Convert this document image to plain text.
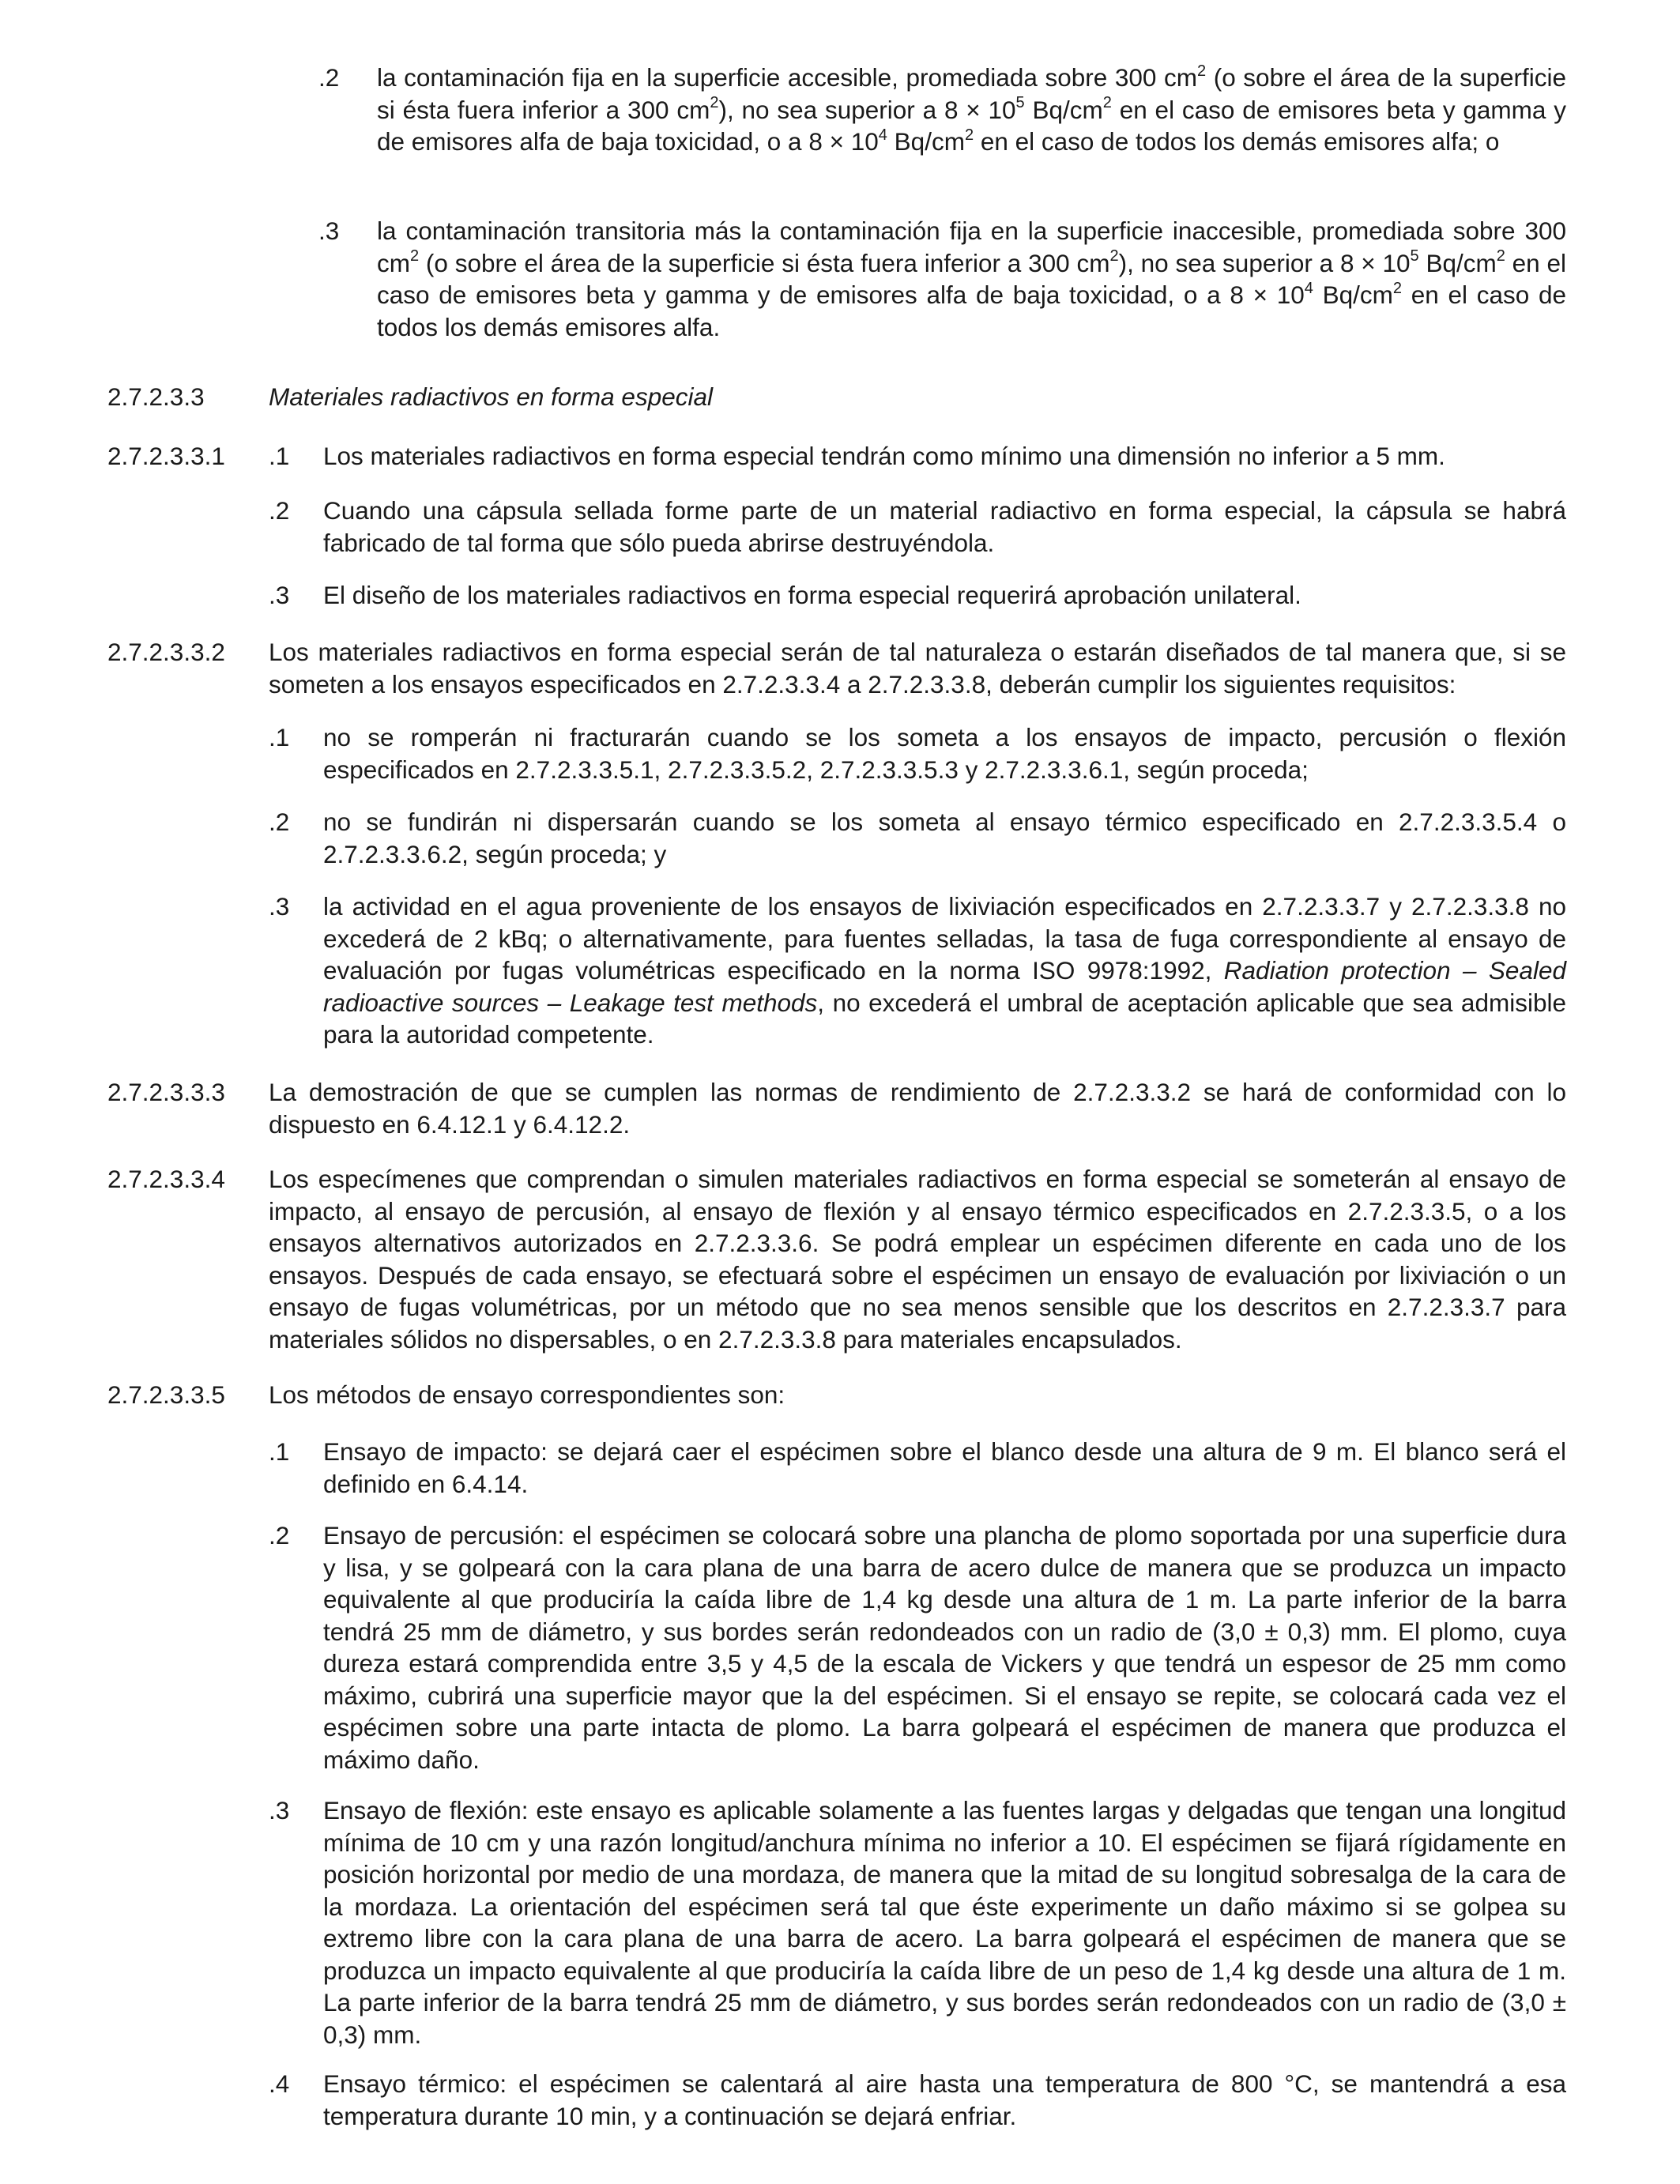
.2 la contaminación fija en la superficie accesible, promediada sobre 300 $cm^2$ (o sobre el área de la superficie si ésta fuera inferior a 300 $cm^2$), no sea superior a $8 \times 10^5$ $Bq/cm^2$ en el caso de emisores beta y gamma y de emisores alfa de baja toxicidad, o a $8 \times 10^4$ $Bq/cm^2$ en el caso de todos los demás emisores alfa; o
.3 la contaminación transitoria más la contaminación fija en la superficie inaccesible, promediada sobre 300 $cm^2$ (o sobre el área de la superficie si ésta fuera inferior a 300 $cm^2$), no sea superior a $8 \times 10^5$ $Bq/cm^2$ en el caso de emisores beta y gamma y de emisores alfa de baja toxicidad, o a $8 \times 10^4$ $Bq/cm^2$ en el caso de todos los demás emisores alfa.
2.7.2.3.3	Materiales radiactivos en forma especial
2.7.2.3.3.1 .1 Los materiales radiactivos en forma especial tendrán como mínimo una dimensión no inferior a 5 mm.
.2 Cuando una cápsula sellada forme parte de un material radiactivo en forma especial, la cápsula se habrá fabricado de tal forma que sólo pueda abrirse destruyéndola.
.3 El diseño de los materiales radiactivos en forma especial requerirá aprobación unilateral.
2.7.2.3.3.2 Los materiales radiactivos en forma especial serán de tal naturaleza o estarán diseñados de tal manera que, si se someten a los ensayos especificados en 2.7.2.3.3.4 a 2.7.2.3.3.8, deberán cumplir los siguientes requisitos:
.1 no se romperán ni fracturarán cuando se los someta a los ensayos de impacto, percusión o flexión especificados en 2.7.2.3.3.5.1, 2.7.2.3.3.5.2, 2.7.2.3.3.5.3 y 2.7.2.3.3.6.1, según proceda;
.2 no se fundirán ni dispersarán cuando se los someta al ensayo térmico especificado en 2.7.2.3.3.5.4 o 2.7.2.3.3.6.2, según proceda; y
.3 la actividad en el agua proveniente de los ensayos de lixiviación especificados en 2.7.2.3.3.7 y 2.7.2.3.3.8 no excederá de 2 kBq; o alternativamente, para fuentes selladas, la tasa de fuga correspondiente al ensayo de evaluación por fugas volumétricas especificado en la norma ISO 9978:1992, Radiation protection – Sealed radioactive sources – Leakage test methods, no excederá el umbral de aceptación aplicable que sea admisible para la autoridad competente.
2.7.2.3.3.3 La demostración de que se cumplen las normas de rendimiento de 2.7.2.3.3.2 se hará de conformidad con lo dispuesto en 6.4.12.1 y 6.4.12.2.
2.7.2.3.3.4 Los especímenes que comprendan o simulen materiales radiactivos en forma especial se someterán al ensayo de impacto, al ensayo de percusión, al ensayo de flexión y al ensayo térmico especificados en 2.7.2.3.3.5, o a los ensayos alternativos autorizados en 2.7.2.3.3.6. Se podrá emplear un espécimen diferente en cada uno de los ensayos. Después de cada ensayo, se efectuará sobre el espécimen un ensayo de evaluación por lixiviación o un ensayo de fugas volumétricas, por un método que no sea menos sensible que los descritos en 2.7.2.3.3.7 para materiales sólidos no dispersables, o en 2.7.2.3.3.8 para materiales encapsulados.
2.7.2.3.3.5 Los métodos de ensayo correspondientes son:
.1 Ensayo de impacto: se dejará caer el espécimen sobre el blanco desde una altura de 9 m. El blanco será el definido en 6.4.14.
.2 Ensayo de percusión: el espécimen se colocará sobre una plancha de plomo soportada por una superficie dura y lisa, y se golpeará con la cara plana de una barra de acero dulce de manera que se produzca un impacto equivalente al que produciría la caída libre de 1,4 kg desde una altura de 1 m. La parte inferior de la barra tendrá 25 mm de diámetro, y sus bordes serán redondeados con un radio de (3,0 ± 0,3) mm. El plomo, cuya dureza estará comprendida entre 3,5 y 4,5 de la escala de Vickers y que tendrá un espesor de 25 mm como máximo, cubrirá una superficie mayor que la del espécimen. Si el ensayo se repite, se colocará cada vez el espécimen sobre una parte intacta de plomo. La barra golpeará el espécimen de manera que produzca el máximo daño.
.3 Ensayo de flexión: este ensayo es aplicable solamente a las fuentes largas y delgadas que tengan una longitud mínima de 10 cm y una razón longitud/anchura mínima no inferior a 10. El espécimen se fijará rígidamente en posición horizontal por medio de una mordaza, de manera que la mitad de su longitud sobresalga de la cara de la mordaza. La orientación del espécimen será tal que éste experimente un daño máximo si se golpea su extremo libre con la cara plana de una barra de acero. La barra golpeará el espécimen de manera que se produzca un impacto equivalente al que produciría la caída libre de un peso de 1,4 kg desde una altura de 1 m. La parte inferior de la barra tendrá 25 mm de diámetro, y sus bordes serán redondeados con un radio de (3,0 ± 0,3) mm.
.4 Ensayo térmico: el espécimen se calentará al aire hasta una temperatura de 800 °C, se mantendrá a esa temperatura durante 10 min, y a continuación se dejará enfriar.
